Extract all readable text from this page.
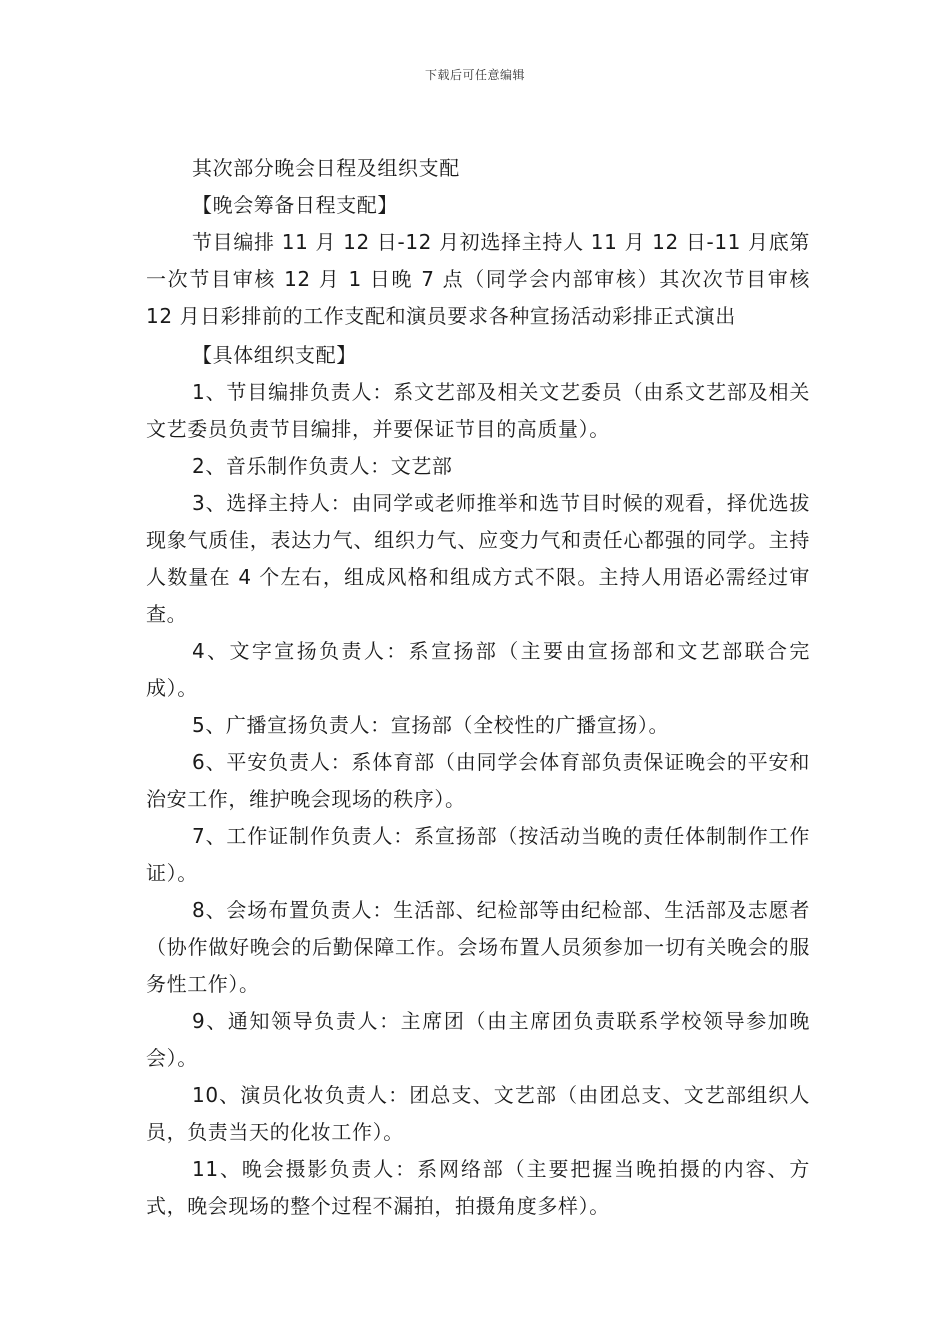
下载后可任意编辑

其次部分晚会日程及组织支配

【晚会筹备日程支配】

节目编排 11 月 12 日-12 月初选择主持人 11 月 12 日-11 月底第一次节目审核 12 月 1 日晚 7 点（同学会内部审核）其次次节目审核 12 月日彩排前的工作支配和演员要求各种宣扬活动彩排正式演出

【具体组织支配】

1、节目编排负责人：系文艺部及相关文艺委员（由系文艺部及相关文艺委员负责节目编排，并要保证节目的高质量）。

2、音乐制作负责人：文艺部

3、选择主持人：由同学或老师推举和选节目时候的观看，择优选拔现象气质佳，表达力气、组织力气、应变力气和责任心都强的同学。主持人数量在 4 个左右，组成风格和组成方式不限。主持人用语必需经过审查。

4、文字宣扬负责人：系宣扬部（主要由宣扬部和文艺部联合完成）。

5、广播宣扬负责人：宣扬部（全校性的广播宣扬）。

6、平安负责人：系体育部（由同学会体育部负责保证晚会的平安和治安工作，维护晚会现场的秩序）。

7、工作证制作负责人：系宣扬部（按活动当晚的责任体制制作工作证）。

8、会场布置负责人：生活部、纪检部等由纪检部、生活部及志愿者（协作做好晚会的后勤保障工作。会场布置人员须参加一切有关晚会的服务性工作）。

9、通知领导负责人：主席团（由主席团负责联系学校领导参加晚会）。

10、演员化妆负责人：团总支、文艺部（由团总支、文艺部组织人员，负责当天的化妆工作）。

11、晚会摄影负责人：系网络部（主要把握当晚拍摄的内容、方式，晚会现场的整个过程不漏拍，拍摄角度多样）。
